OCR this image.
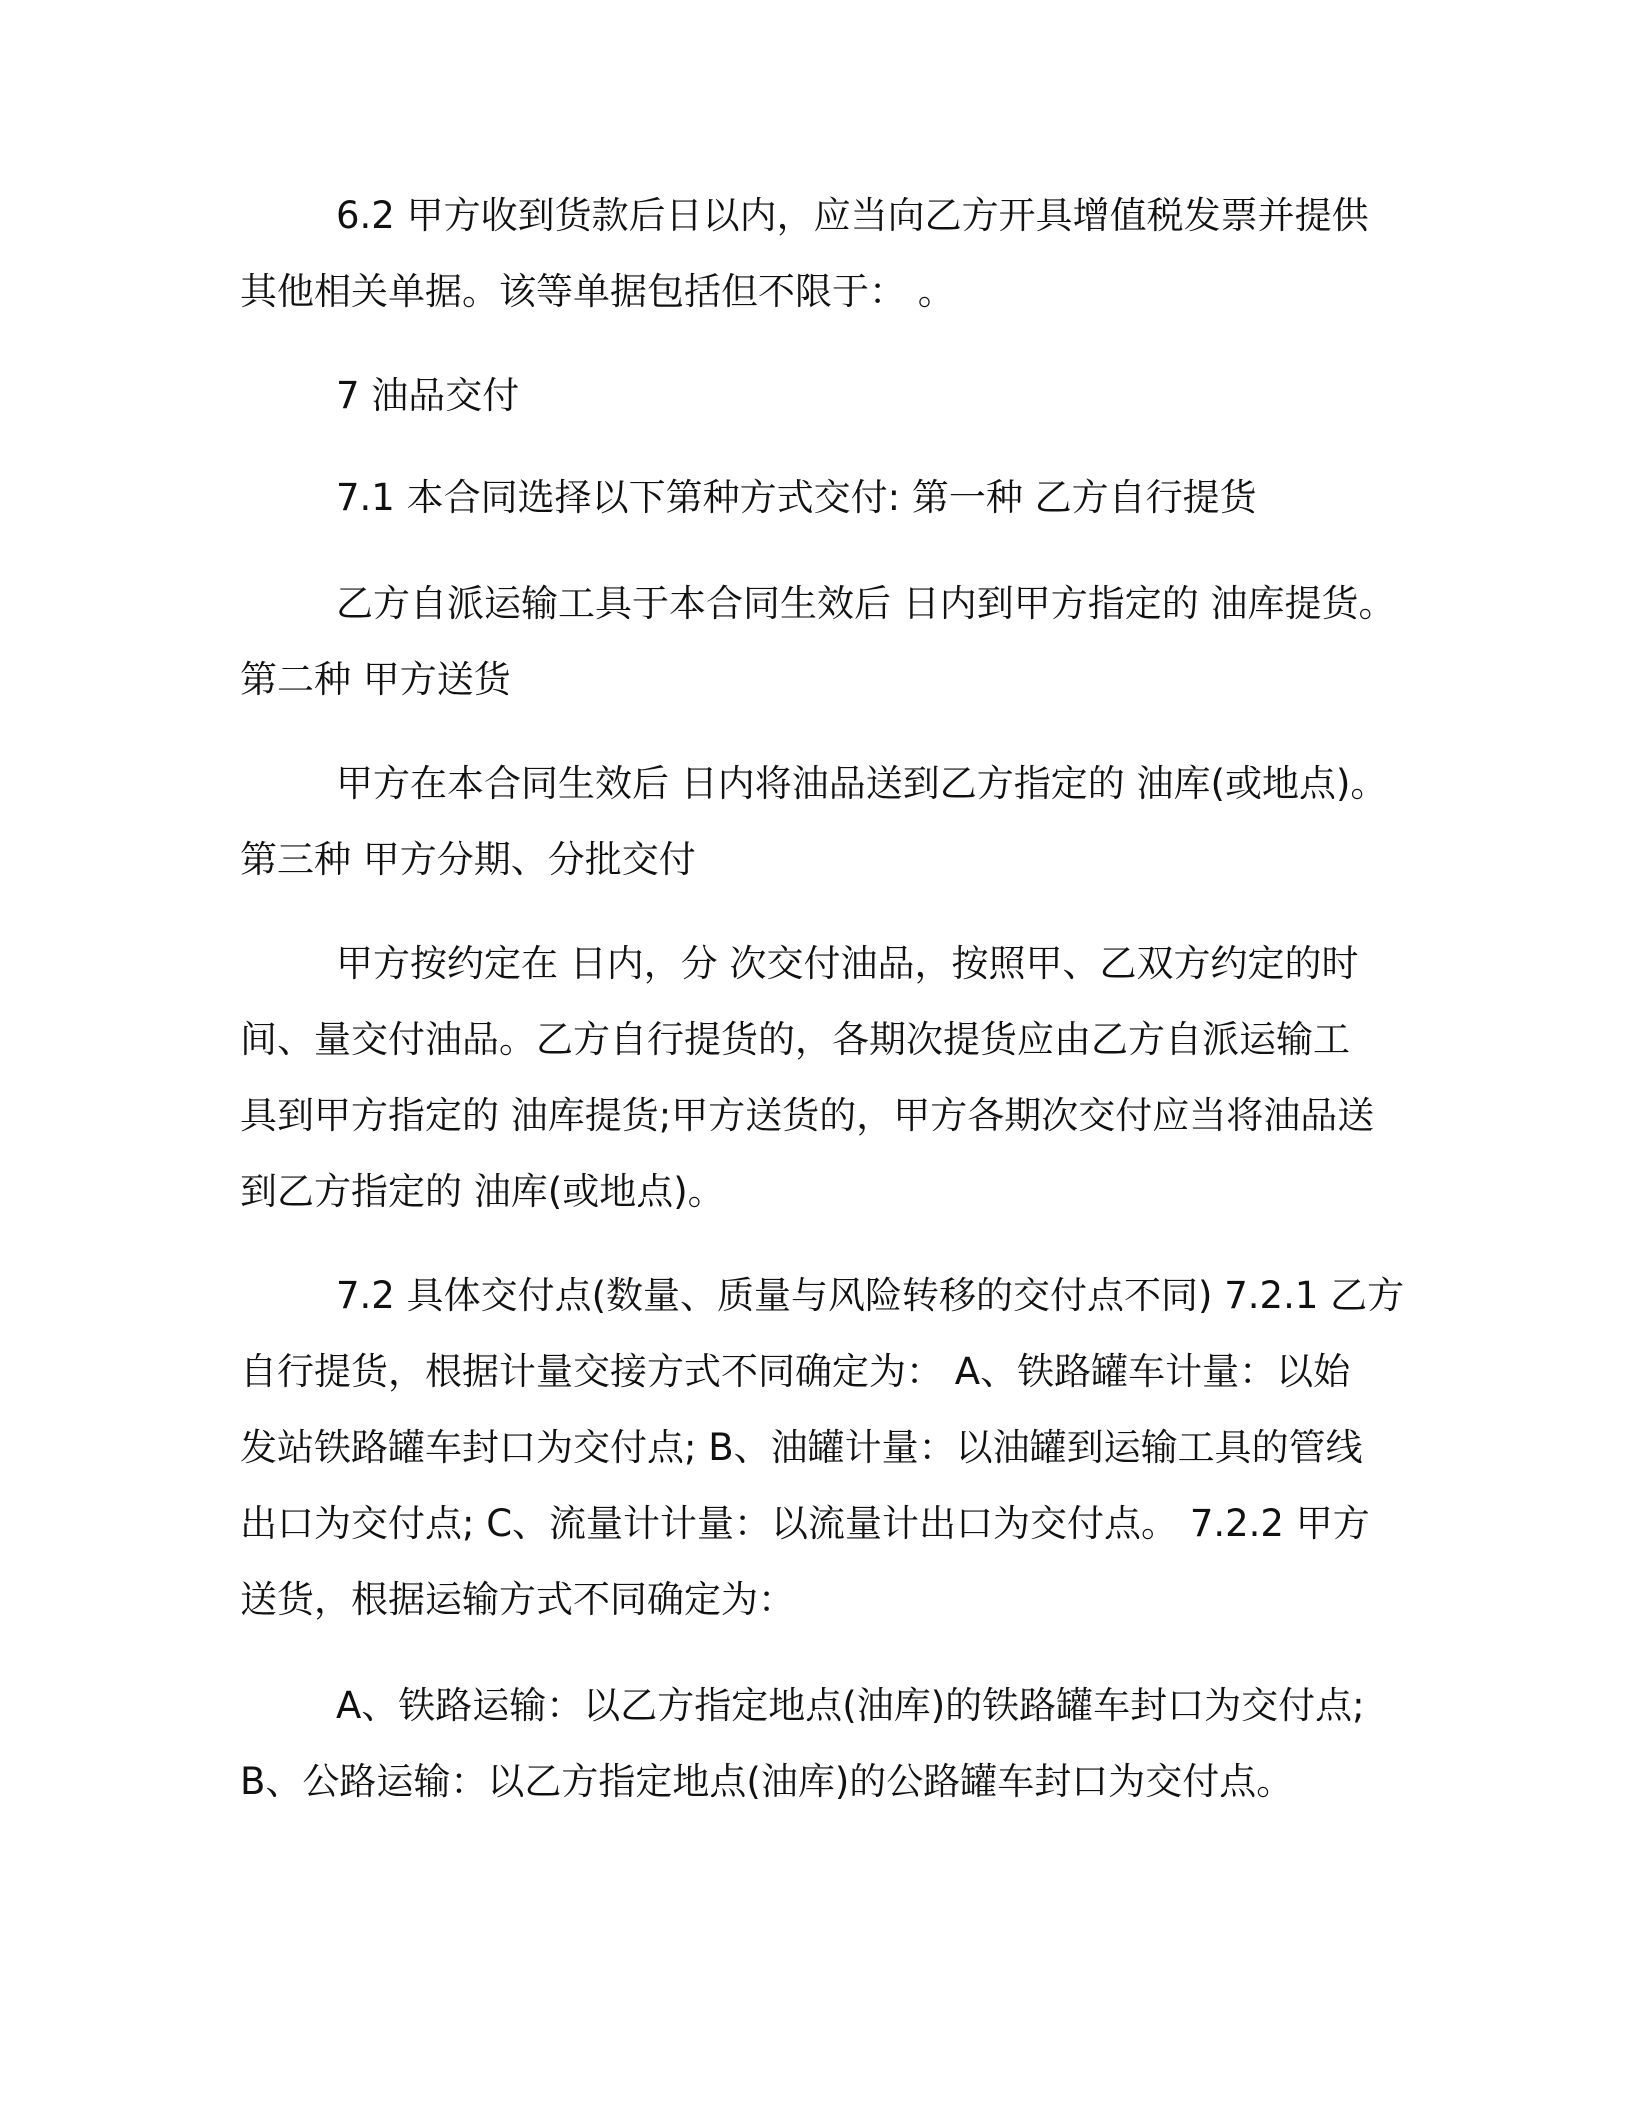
6.2 甲方收到货款后日以内，应当向乙方开具增值税发票并提供
其他相关单据。该等单据包括但不限于： 。
7 油品交付
7.1 本合同选择以下第种方式交付: 第一种 乙方自行提货
乙方自派运输工具于本合同生效后 日内到甲方指定的 油库提货。
第二种 甲方送货
甲方在本合同生效后 日内将油品送到乙方指定的 油库(或地点)。
第三种 甲方分期、分批交付
甲方按约定在 日内，分 次交付油品，按照甲、乙双方约定的时
间、量交付油品。乙方自行提货的，各期次提货应由乙方自派运输工
具到甲方指定的 油库提货;甲方送货的，甲方各期次交付应当将油品送
到乙方指定的 油库(或地点)。
7.2 具体交付点(数量、质量与风险转移的交付点不同) 7.2.1 乙方
自行提货，根据计量交接方式不同确定为： A、铁路罐车计量：以始
发站铁路罐车封口为交付点; B、油罐计量：以油罐到运输工具的管线
出口为交付点; C、流量计计量：以流量计出口为交付点。 7.2.2 甲方
送货，根据运输方式不同确定为：
A、铁路运输：以乙方指定地点(油库)的铁路罐车封口为交付点;
B、公路运输：以乙方指定地点(油库)的公路罐车封口为交付点。
